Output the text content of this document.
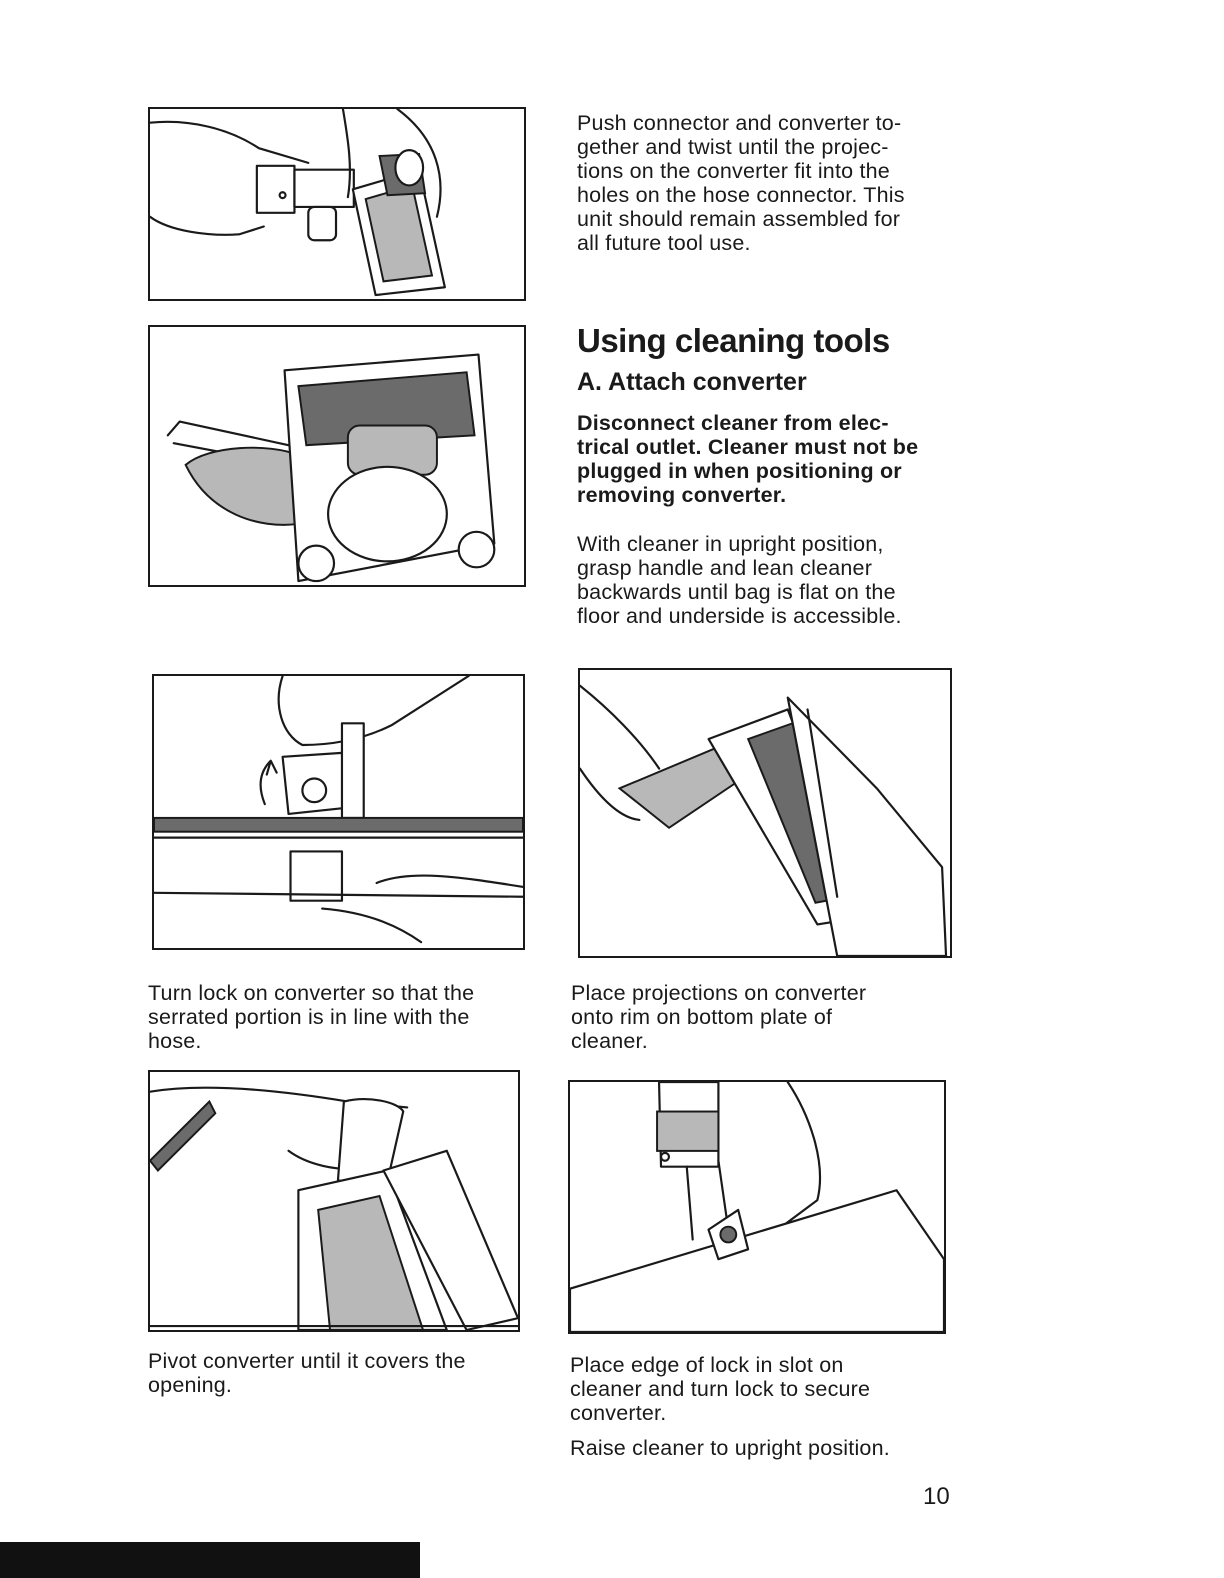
Push connector and converter to-
gether and twist until the projec-
tions on the converter fit into the
holes on the hose connector. This
unit should remain assembled for
all future tool use.

Using cleaning tools
A. Attach converter

Disconnect cleaner from elec-
trical outlet. Cleaner must not be
plugged in when positioning or
removing converter.

With cleaner in upright position,
grasp handle and lean cleaner
backwards until bag is flat on the
floor and underside is accessible.

Turn lock on converter so that the
serrated portion is in line with the
hose.

Place projections on converter
onto rim on bottom plate of
cleaner.

Pivot converter until it covers the
opening.

Place edge of lock in slot on
cleaner and turn lock to secure
converter.

Raise cleaner to upright position.

10
